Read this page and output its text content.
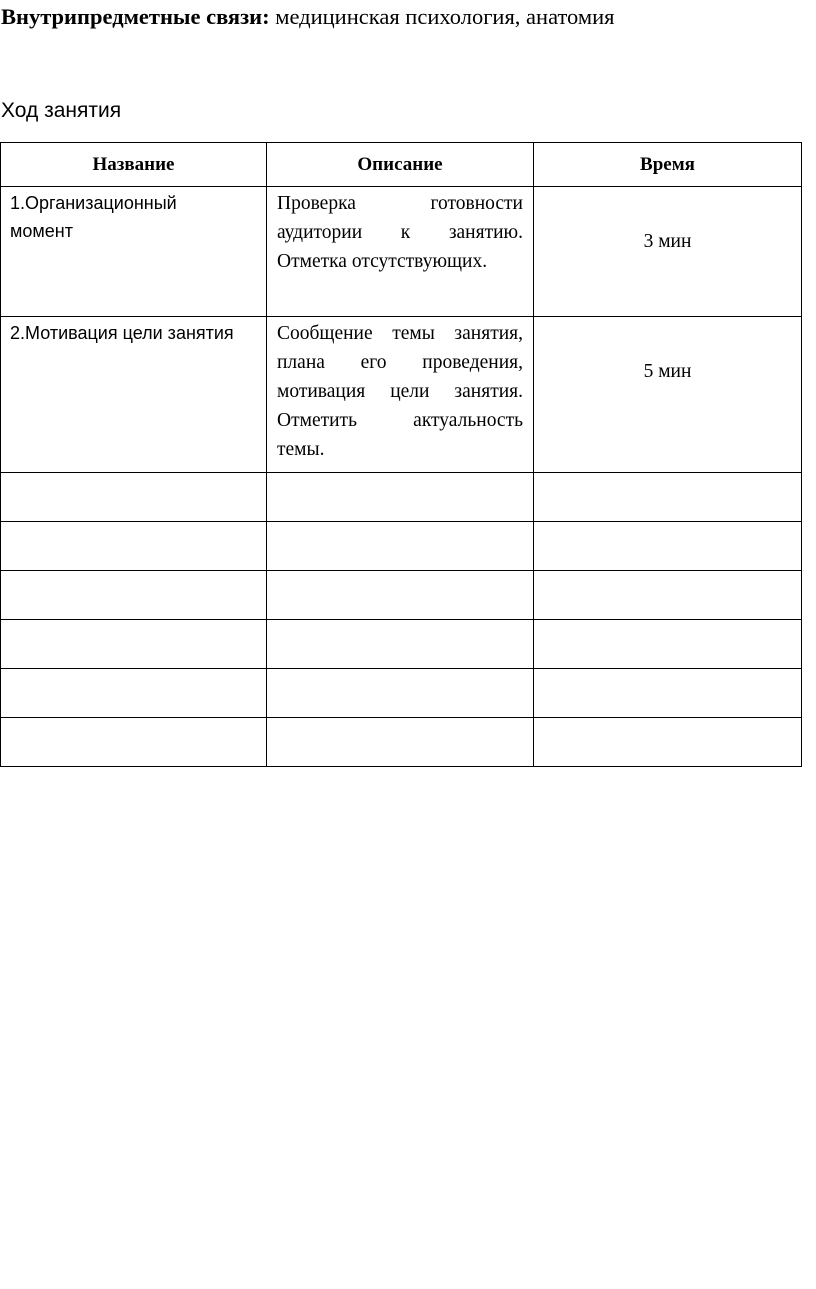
Внутрипредметные связи: медицинская психология, анатомия
Ход занятия
Название	Описание	Время

1.Организационный момент	Проверка готовности аудитории к занятию. Отметка отсутствующих.	3 мин

2.Мотивация цели занятия	Сообщение темы занятия, плана его проведения, мотивация цели занятия. Отметить актуальность темы.	5 мин
